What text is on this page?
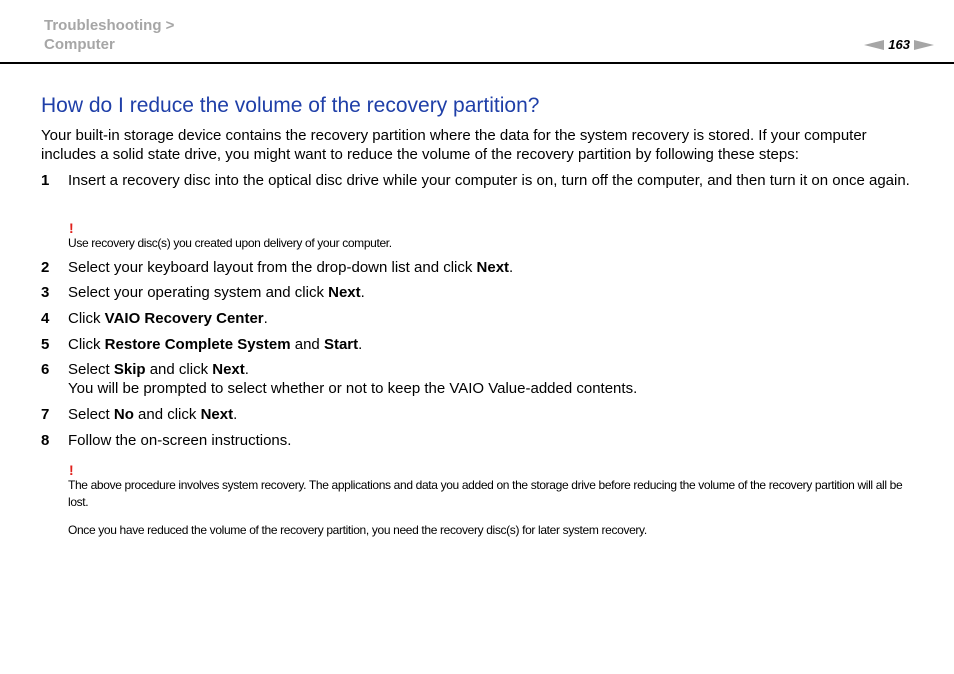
Troubleshooting >
Computer	163
How do I reduce the volume of the recovery partition?

Your built-in storage device contains the recovery partition where the data for the system recovery is stored. If your computer includes a solid state drive, you might want to reduce the volume of the recovery partition by following these steps:

1 Insert a recovery disc into the optical disc drive while your computer is on, turn off the computer, and then turn it on once again.
!
Use recovery disc(s) you created upon delivery of your computer.
2 Select your keyboard layout from the drop-down list and click Next.
3 Select your operating system and click Next.
4 Click VAIO Recovery Center.
5 Click Restore Complete System and Start.
6 Select Skip and click Next.
You will be prompted to select whether or not to keep the VAIO Value-added contents.
7 Select No and click Next.
8 Follow the on-screen instructions.
!
The above procedure involves system recovery. The applications and data you added on the storage drive before reducing the volume of the recovery partition will all be lost.
Once you have reduced the volume of the recovery partition, you need the recovery disc(s) for later system recovery.
